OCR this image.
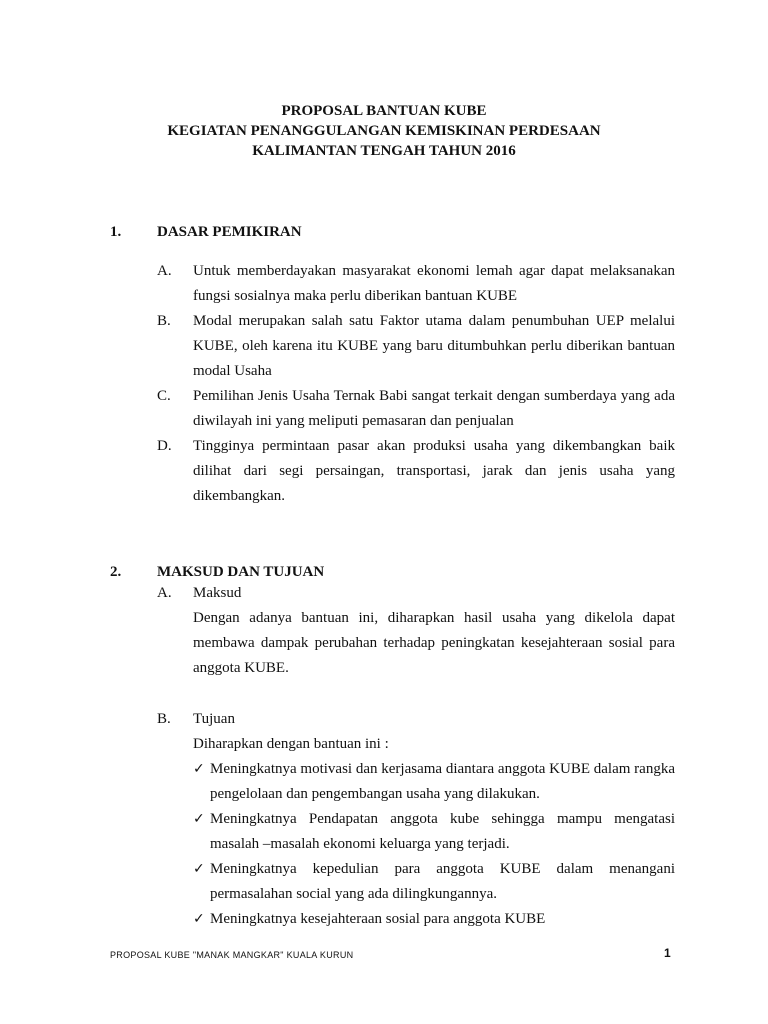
PROPOSAL BANTUAN KUBE
KEGIATAN PENANGGULANGAN KEMISKINAN PERDESAAN
KALIMANTAN TENGAH TAHUN 2016
1. DASAR PEMIKIRAN
A. Untuk memberdayakan masyarakat ekonomi lemah agar dapat melaksanakan fungsi sosialnya maka perlu diberikan bantuan KUBE
B. Modal merupakan salah satu Faktor utama dalam penumbuhan UEP melalui KUBE, oleh karena itu KUBE yang baru ditumbuhkan perlu diberikan bantuan modal Usaha
C. Pemilihan Jenis Usaha Ternak Babi sangat terkait dengan sumberdaya yang ada diwilayah ini yang meliputi pemasaran dan penjualan
D. Tingginya permintaan pasar akan produksi usaha yang dikembangkan baik dilihat dari segi persaingan, transportasi, jarak dan jenis usaha yang dikembangkan.
2. MAKSUD DAN TUJUAN
A. Maksud
Dengan adanya bantuan ini, diharapkan hasil usaha yang dikelola dapat membawa dampak perubahan terhadap peningkatan kesejahteraan sosial para anggota KUBE.
B. Tujuan
Diharapkan dengan bantuan ini :
✓ Meningkatnya motivasi dan kerjasama diantara anggota KUBE dalam rangka pengelolaan dan pengembangan usaha yang dilakukan.
✓ Meningkatnya Pendapatan anggota kube sehingga mampu mengatasi masalah –masalah ekonomi keluarga yang terjadi.
✓ Meningkatnya kepedulian para anggota KUBE dalam menangani permasalahan social yang ada dilingkungannya.
✓ Meningkatnya kesejahteraan sosial para anggota KUBE
PROPOSAL KUBE "MANAK MANGKAR" KUALA KURUN	1
